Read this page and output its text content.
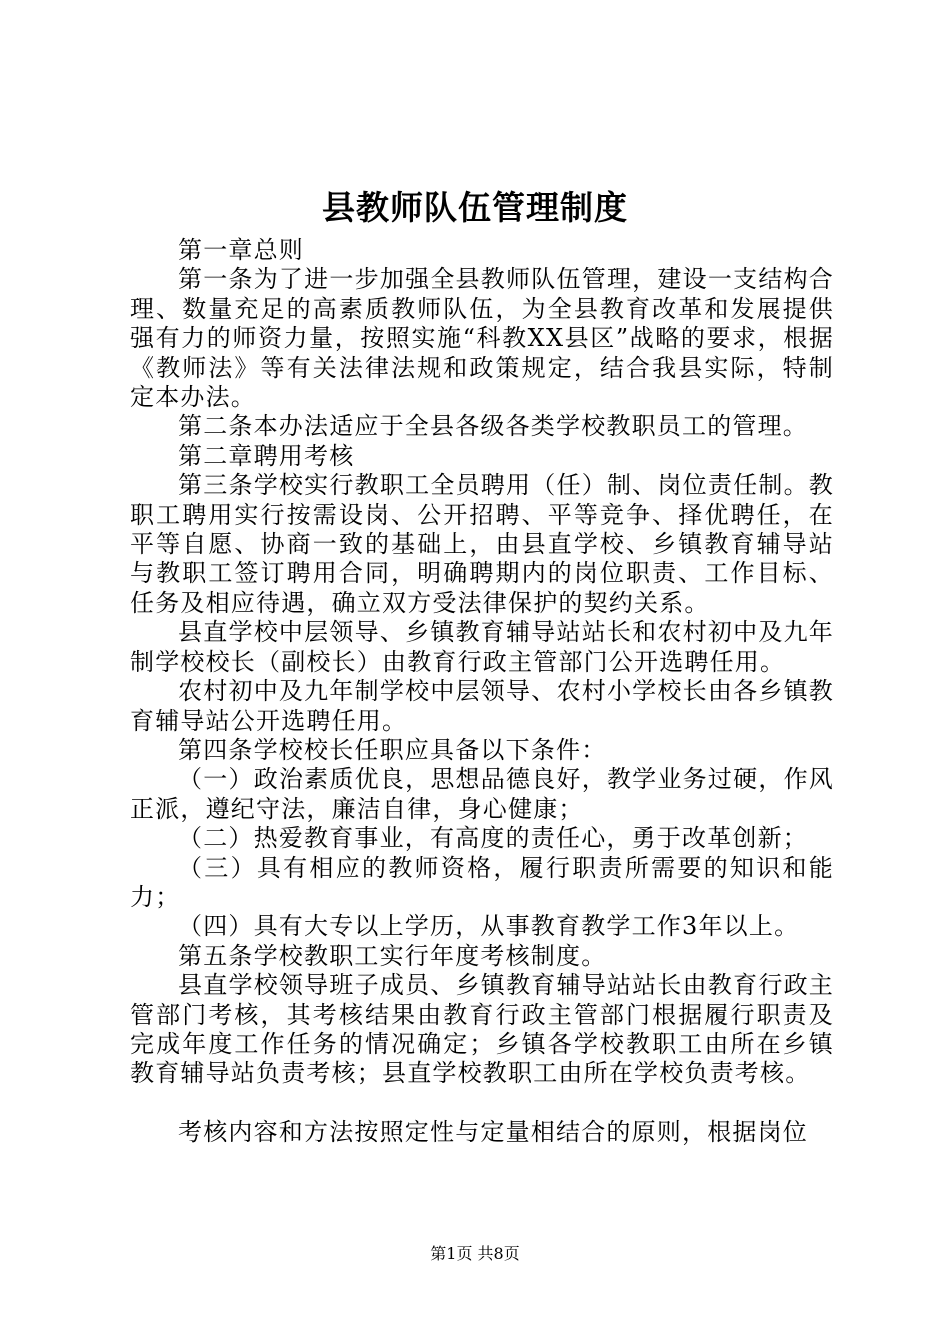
县教师队伍管理制度

第一章总则

第一条为了进一步加强全县教师队伍管理，建设一支结构合理、数量充足的高素质教师队伍，为全县教育改革和发展提供强有力的师资力量，按照实施“科教XX县区”战略的要求，根据《教师法》等有关法律法规和政策规定，结合我县实际，特制定本办法。

第二条本办法适应于全县各级各类学校教职员工的管理。

第二章聘用考核

第三条学校实行教职工全员聘用（任）制、岗位责任制。教职工聘用实行按需设岗、公开招聘、平等竞争、择优聘任，在平等自愿、协商一致的基础上，由县直学校、乡镇教育辅导站与教职工签订聘用合同，明确聘期内的岗位职责、工作目标、任务及相应待遇，确立双方受法律保护的契约关系。

县直学校中层领导、乡镇教育辅导站站长和农村初中及九年制学校校长（副校长）由教育行政主管部门公开选聘任用。

农村初中及九年制学校中层领导、农村小学校长由各乡镇教育辅导站公开选聘任用。

第四条学校校长任职应具备以下条件：

（一）政治素质优良，思想品德良好，教学业务过硬，作风正派，遵纪守法，廉洁自律，身心健康；

（二）热爱教育事业，有高度的责任心，勇于改革创新；

（三）具有相应的教师资格，履行职责所需要的知识和能力；

（四）具有大专以上学历，从事教育教学工作3年以上。

第五条学校教职工实行年度考核制度。

县直学校领导班子成员、乡镇教育辅导站站长由教育行政主管部门考核，其考核结果由教育行政主管部门根据履行职责及完成年度工作任务的情况确定；乡镇各学校教职工由所在乡镇教育辅导站负责考核；县直学校教职工由所在学校负责考核。

考核内容和方法按照定性与定量相结合的原则，根据岗位

第1页 共8页
